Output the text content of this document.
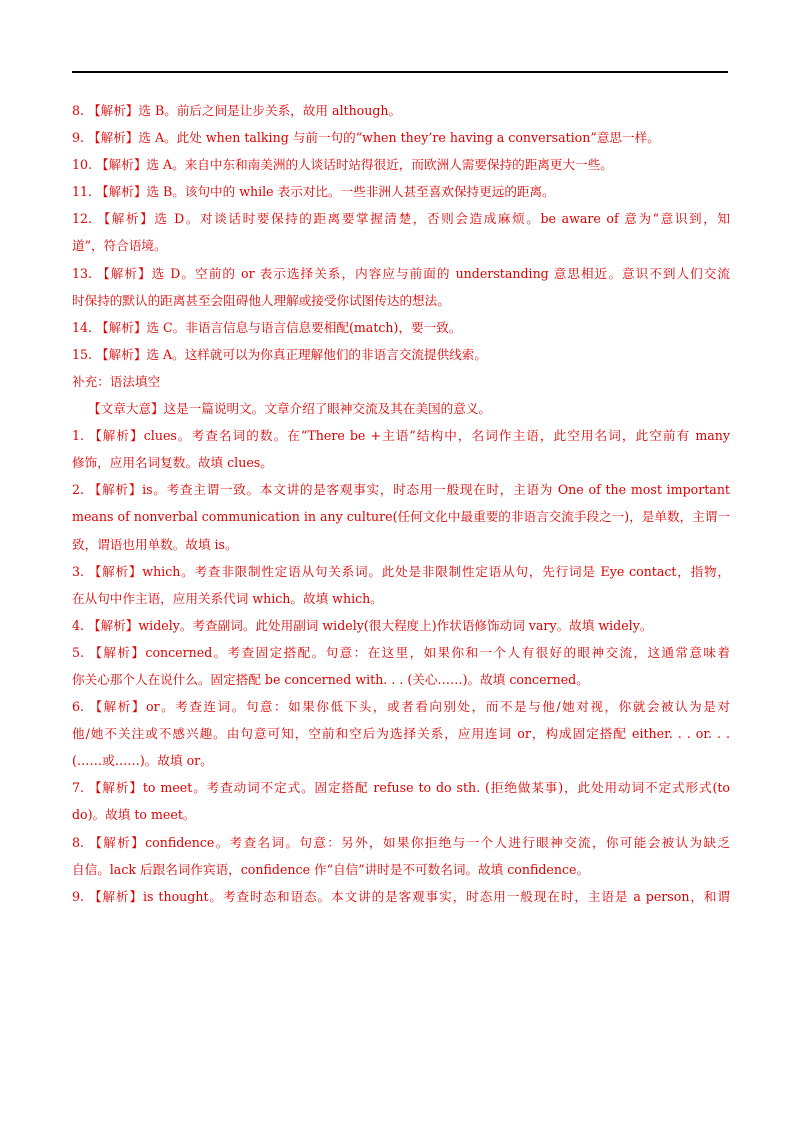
8. 【解析】选 B。前后之间是让步关系，故用 although。
9. 【解析】选 A。此处 when talking 与前一句的“when they’re having a conversation”意思一样。
10. 【解析】选 A。来自中东和南美洲的人谈话时站得很近，而欧洲人需要保持的距离更大一些。
11. 【解析】选 B。该句中的 while 表示对比。一些非洲人甚至喜欢保持更远的距离。
12. 【解析】选 D。对谈话时要保持的距离要掌握清楚，否则会造成麻烦。be aware of 意为“意识到，知
道”，符合语境。
13. 【解析】选 D。空前的 or 表示选择关系，内容应与前面的 understanding 意思相近。意识不到人们交流
时保持的默认的距离甚至会阻碍他人理解或接受你试图传达的想法。
14. 【解析】选 C。非语言信息与语言信息要相配(match)，要一致。
15. 【解析】选 A。这样就可以为你真正理解他们的非语言交流提供线索。
补充：语法填空
【文章大意】这是一篇说明文。文章介绍了眼神交流及其在美国的意义。
1. 【解析】clues。考查名词的数。在“There be +主语”结构中，名词作主语，此空用名词，此空前有 many
修饰，应用名词复数。故填 clues。
2. 【解析】is。考查主谓一致。本文讲的是客观事实，时态用一般现在时，主语为 One of the most important
means of nonverbal communication in any culture(任何文化中最重要的非语言交流手段之一)，是单数，主谓一
致，谓语也用单数。故填 is。
3. 【解析】which。考查非限制性定语从句关系词。此处是非限制性定语从句，先行词是 Eye contact，指物，
在从句中作主语，应用关系代词 which。故填 which。
4. 【解析】widely。考查副词。此处用副词 widely(很大程度上)作状语修饰动词 vary。故填 widely。
5. 【解析】concerned。考查固定搭配。句意：在这里，如果你和一个人有很好的眼神交流，这通常意味着
你关心那个人在说什么。固定搭配 be concerned with. . . (关心……)。故填 concerned。
6. 【解析】or。考查连词。句意：如果你低下头，或者看向别处，而不是与他/她对视，你就会被认为是对
他/她不关注或不感兴趣。由句意可知，空前和空后为选择关系，应用连词 or，构成固定搭配 either. . . or. . .
(……或……)。故填 or。
7. 【解析】to meet。考查动词不定式。固定搭配 refuse to do sth. (拒绝做某事)，此处用动词不定式形式(to
do)。故填 to meet。
8. 【解析】confidence。考查名词。句意：另外，如果你拒绝与一个人进行眼神交流，你可能会被认为缺乏
自信。lack 后跟名词作宾语，confidence 作“自信”讲时是不可数名词。故填 confidence。
9. 【解析】is thought。考查时态和语态。本文讲的是客观事实，时态用一般现在时，主语是 a person，和谓
